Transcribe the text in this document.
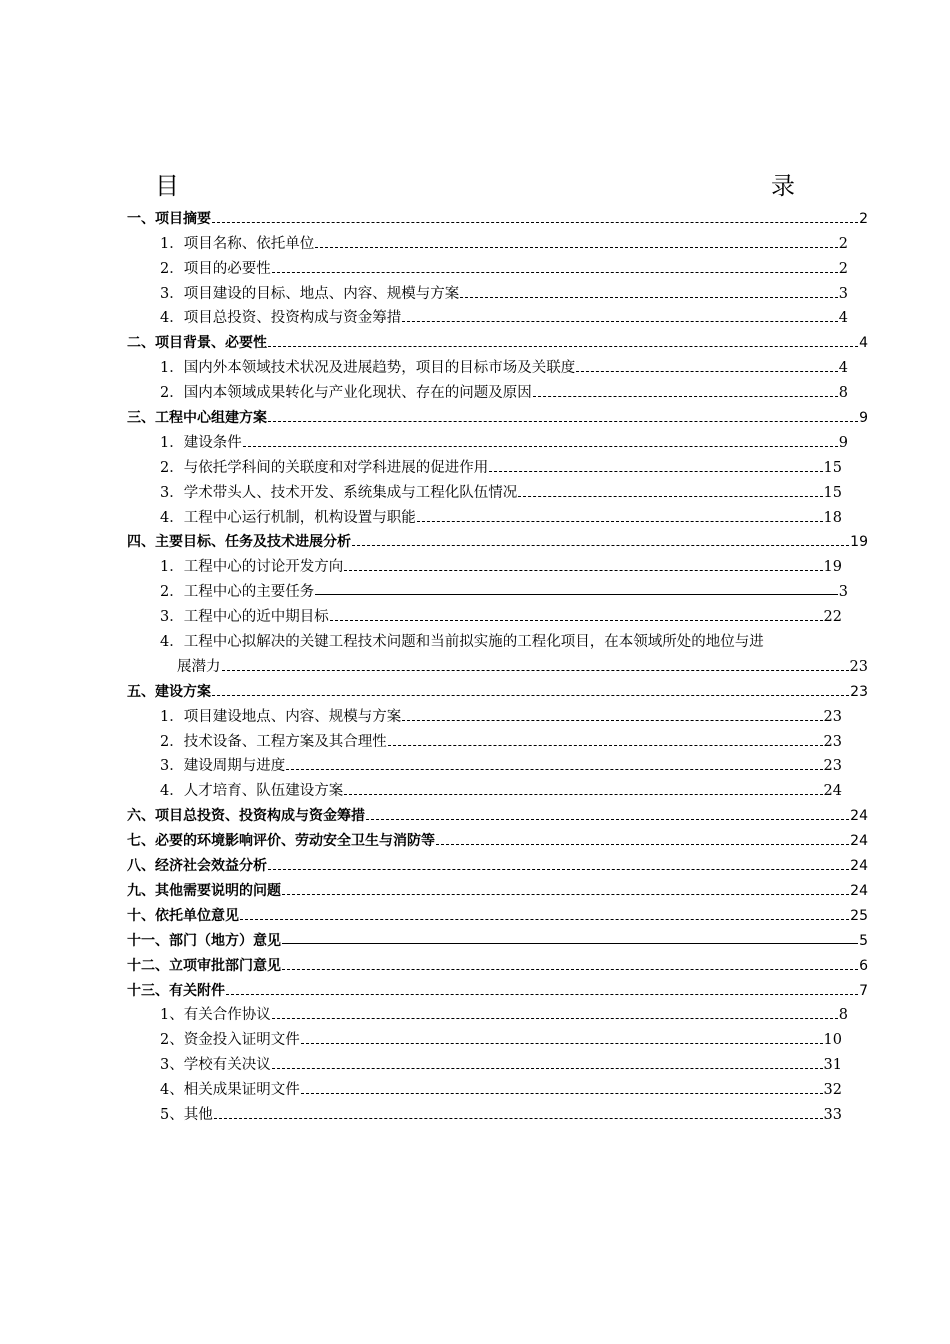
目　　　录
一、项目摘要	2
1．项目名称、依托单位	2
2．项目的必要性	2
3．项目建设的目标、地点、内容、规模与方案	3
4．项目总投资、投资构成与资金筹措	4
二、项目背景、必要性	4
1．国内外本领域技术状况及进展趋势，项目的目标市场及关联度	4
2．国内本领域成果转化与产业化现状、存在的问题及原因	8
三、工程中心组建方案	9
1．建设条件	9
2．与依托学科间的关联度和对学科进展的促进作用	15
3．学术带头人、技术开发、系统集成与工程化队伍情况	15
4．工程中心运行机制，机构设置与职能	18
四、主要目标、任务及技术进展分析	19
1．工程中心的讨论开发方向	19
2．工程中心的主要任务	3
3．工程中心的近中期目标	22
4．工程中心拟解决的关键工程技术问题和当前拟实施的工程化项目，在本领域所处的地位与进
展潜力	23
五、建设方案	23
1．项目建设地点、内容、规模与方案	23
2．技术设备、工程方案及其合理性	23
3．建设周期与进度	23
4．人才培育、队伍建设方案	24
六、项目总投资、投资构成与资金筹措	24
七、必要的环境影响评价、劳动安全卫生与消防等	24
八、经济社会效益分析	24
九、其他需要说明的问题	24
十、依托单位意见	25
十一、部门（地方）意见	5
十二、立项审批部门意见	6
十三、有关附件	7
1、有关合作协议	8
2、资金投入证明文件	10
3、学校有关决议	31
4、相关成果证明文件	32
5、其他	33
